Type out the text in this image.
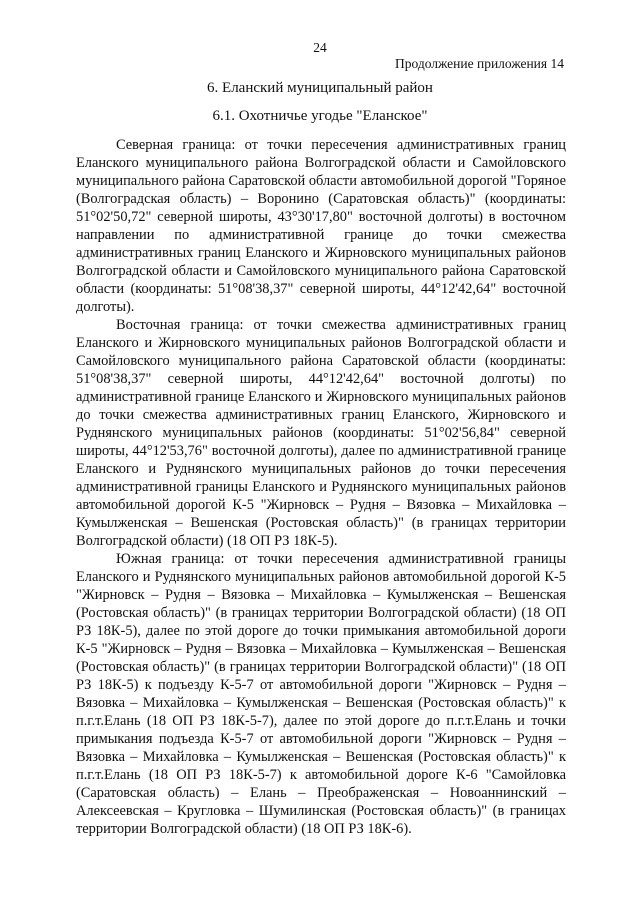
24
Продолжение приложения 14
6. Еланский муниципальный район
6.1. Охотничье угодье "Еланское"

Северная граница: от точки пересечения административных границ Еланского муниципального района Волгоградской области и Самойловского муниципального района Саратовской области автомобильной дорогой "Горяное (Волгоградская область) – Воронино (Саратовская область)" (координаты: 51°02'50,72" северной широты, 43°30'17,80" восточной долготы) в восточном направлении по административной границе до точки смежества административных границ Еланского и Жирновского муниципальных районов Волгоградской области и Самойловского муниципального района Саратовской области (координаты: 51°08'38,37" северной широты, 44°12'42,64" восточной долготы).

Восточная граница: от точки смежества административных границ Еланского и Жирновского муниципальных районов Волгоградской области и Самойловского муниципального района Саратовской области (координаты: 51°08'38,37" северной широты, 44°12'42,64" восточной долготы) по административной границе Еланского и Жирновского муниципальных районов до точки смежества административных границ Еланского, Жирновского и Руднянского муниципальных районов (координаты: 51°02'56,84" северной широты, 44°12'53,76" восточной долготы), далее по административной границе Еланского и Руднянского муниципальных районов до точки пересечения административной границы Еланского и Руднянского муниципальных районов автомобильной дорогой К-5 "Жирновск – Рудня – Вязовка – Михайловка – Кумылженская – Вешенская (Ростовская область)" (в границах территории Волгоградской области) (18 ОП РЗ 18К-5).

Южная граница: от точки пересечения административной границы Еланского и Руднянского муниципальных районов автомобильной дорогой К-5 "Жирновск – Рудня – Вязовка – Михайловка – Кумылженская – Вешенская (Ростовская область)" (в границах территории Волгоградской области) (18 ОП РЗ 18К-5), далее по этой дороге до точки примыкания автомобильной дороги К-5 "Жирновск – Рудня – Вязовка – Михайловка – Кумылженская – Вешенская (Ростовская область)" (в границах территории Волгоградской области)" (18 ОП РЗ 18К-5) к подъезду К-5-7 от автомобильной дороги "Жирновск – Рудня – Вязовка – Михайловка – Кумылженская – Вешенская (Ростовская область)" к п.г.т.Елань (18 ОП РЗ 18К-5-7), далее по этой дороге до п.г.т.Елань и точки примыкания подъезда К-5-7 от автомобильной дороги "Жирновск – Рудня – Вязовка – Михайловка – Кумылженская – Вешенская (Ростовская область)" к п.г.т.Елань (18 ОП РЗ 18К-5-7) к автомобильной дороге К-6 "Самойловка (Саратовская область) – Елань – Преображенская – Новоаннинский – Алексеевская – Кругловка – Шумилинская (Ростовская область)" (в границах территории Волгоградской области) (18 ОП РЗ 18К-6).
